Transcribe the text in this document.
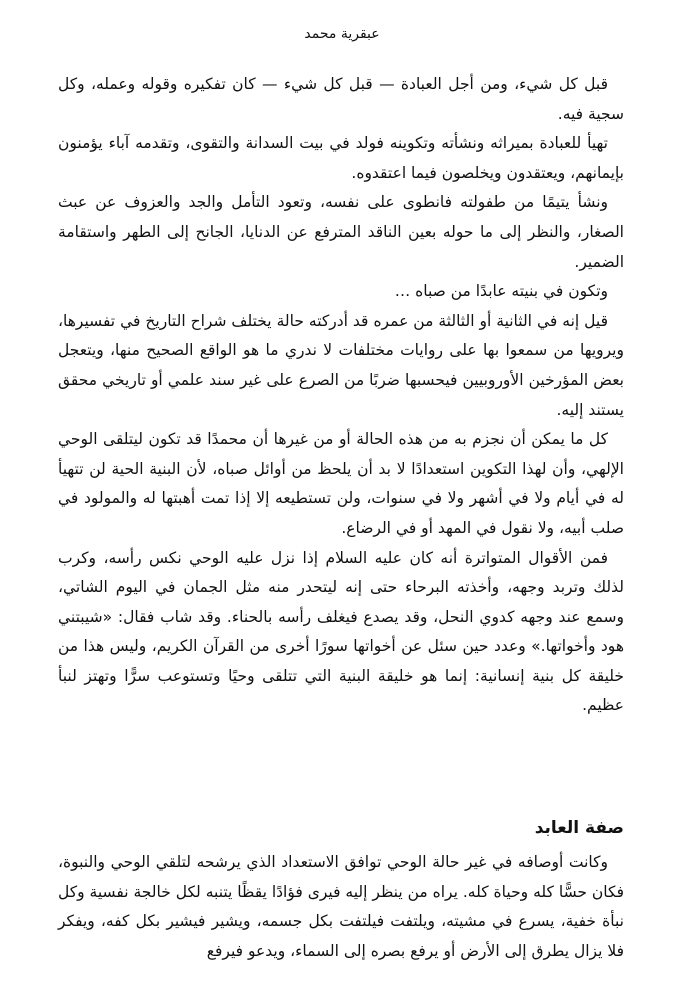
عبقرية محمد

قبل كل شيء، ومن أجل العبادة — قبل كل شيء — كان تفكيره وقوله وعمله، وكل سجية فيه.

تهيأ للعبادة بميراثه ونشأته وتكوينه فولد في بيت السدانة والتقوى، وتقدمه آباء يؤمنون بإيمانهم، ويعتقدون ويخلصون فيما اعتقدوه.

ونشأ يتيمًا من طفولته فانطوى على نفسه، وتعود التأمل والجد والعزوف عن عبث الصغار، والنظر إلى ما حوله بعين الناقد المترفع عن الدنايا، الجانح إلى الطهر واستقامة الضمير.

وتكون في بنيته عابدًا من صباه …

قيل إنه في الثانية أو الثالثة من عمره قد أدركته حالة يختلف شراح التاريخ في تفسيرها، ويرويها من سمعوا بها على روايات مختلفات لا ندري ما هو الواقع الصحيح منها، ويتعجل بعض المؤرخين الأوروبيين فيحسبها ضربًا من الصرع على غير سند علمي أو تاريخي محقق يستند إليه.

كل ما يمكن أن نجزم به من هذه الحالة أو من غيرها أن محمدًا قد تكون ليتلقى الوحي الإلهي، وأن لهذا التكوين استعدادًا لا بد أن يلحظ من أوائل صباه، لأن البنية الحية لن تتهيأ له في أيام ولا في أشهر ولا في سنوات، ولن تستطيعه إلا إذا تمت أهبتها له والمولود في صلب أبيه، ولا نقول في المهد أو في الرضاع.

فمن الأقوال المتواترة أنه كان عليه السلام إذا نزل عليه الوحي نكس رأسه، وكرب لذلك وتربد وجهه، وأخذته البرحاء حتى إنه ليتحدر منه مثل الجمان في اليوم الشاتي، وسمع عند وجهه كدوي النحل، وقد يصدع فيغلف رأسه بالحناء. وقد شاب فقال: «شيبتني هود وأخواتها.» وعدد حين سئل عن أخواتها سورًا أخرى من القرآن الكريم، وليس هذا من خليقة كل بنية إنسانية: إنما هو خليقة البنية التي تتلقى وحيًا وتستوعب سرًّا وتهتز لنبأ عظيم.

صفة العابد

وكانت أوصافه في غير حالة الوحي توافق الاستعداد الذي يرشحه لتلقي الوحي والنبوة، فكان حسًّا كله وحياة كله. يراه من ينظر إليه فيرى فؤادًا يقظًا يتنبه لكل خالجة نفسية وكل نبأة خفية، يسرع في مشيته، ويلتفت فيلتفت بكل جسمه، ويشير فيشير بكل كفه، ويفكر فلا يزال يطرق إلى الأرض أو يرفع بصره إلى السماء، ويدعو فيرفع
